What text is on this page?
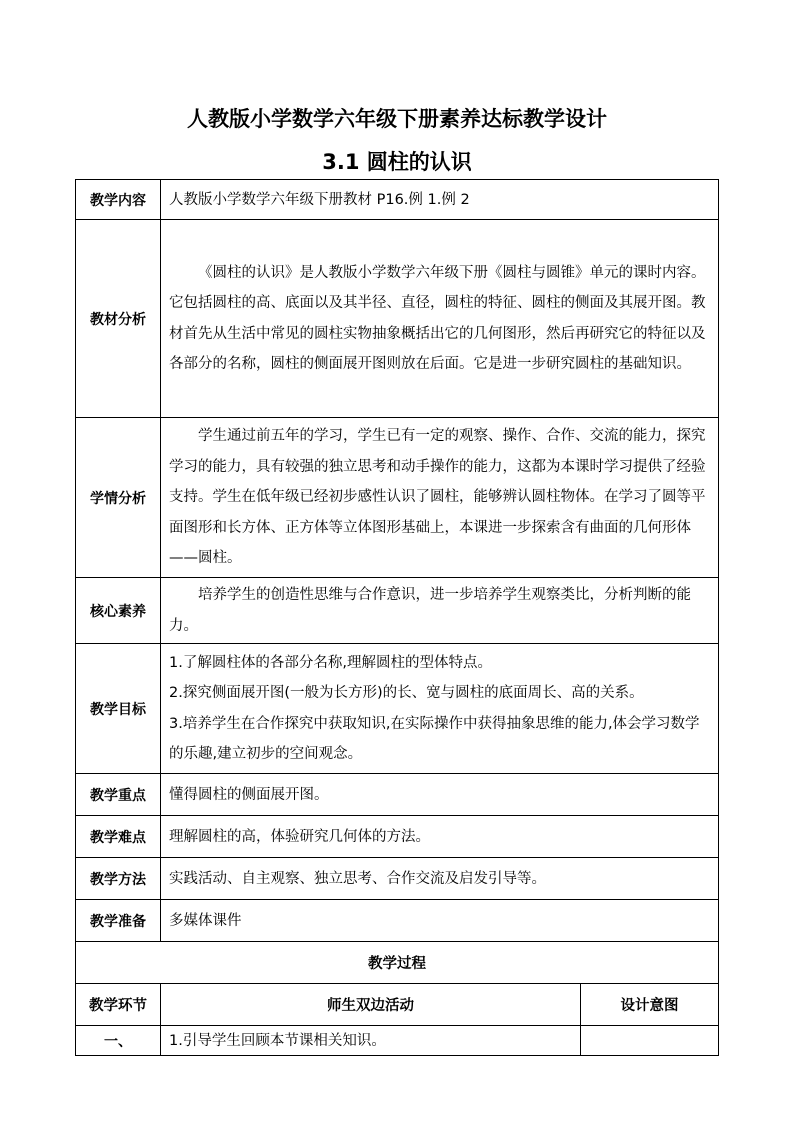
人教版小学数学六年级下册素养达标教学设计
3.1 圆柱的认识
教学内容	人教版小学数学六年级下册教材 P16.例 1.例 2	
教材分析	《圆柱的认识》是人教版小学数学六年级下册《圆柱与圆锥》单元的课时内容。它包括圆柱的高、底面以及其半径、直径，圆柱的特征、圆柱的侧面及其展开图。教材首先从生活中常见的圆柱实物抽象概括出它的几何图形，然后再研究它的特征以及各部分的名称，圆柱的侧面展开图则放在后面。它是进一步研究圆柱的基础知识。	

学情分析	学生通过前五年的学习，学生已有一定的观察、操作、合作、交流的能力，探究学习的能力，具有较强的独立思考和动手操作的能力，这都为本课时学习提供了经验支持。学生在低年级已经初步感性认识了圆柱，能够辨认圆柱物体。在学习了圆等平面图形和长方体、正方体等立体图形基础上，本课进一步探索含有曲面的几何形体——圆柱。	

核心素养	培养学生的创造性思维与合作意识，进一步培养学生观察类比，分析判断的能力。	

教学目标	1.了解圆柱体的各部分名称,理解圆柱的型体特点。
2.探究侧面展开图(一般为长方形)的长、宽与圆柱的底面周长、高的关系。
3.培养学生在合作探究中获取知识,在实际操作中获得抽象思维的能力,体会学习数学的乐趣,建立初步的空间观念。	

教学重点	懂得圆柱的侧面展开图。	
教学难点	理解圆柱的高，体验研究几何体的方法。	
教学方法	实践活动、自主观察、独立思考、合作交流及启发引导等。	
教学准备	多媒体课件	
教学过程		
教学环节	师生双边活动	设计意图
一、	1.引导学生回顾本节课相关知识。	
